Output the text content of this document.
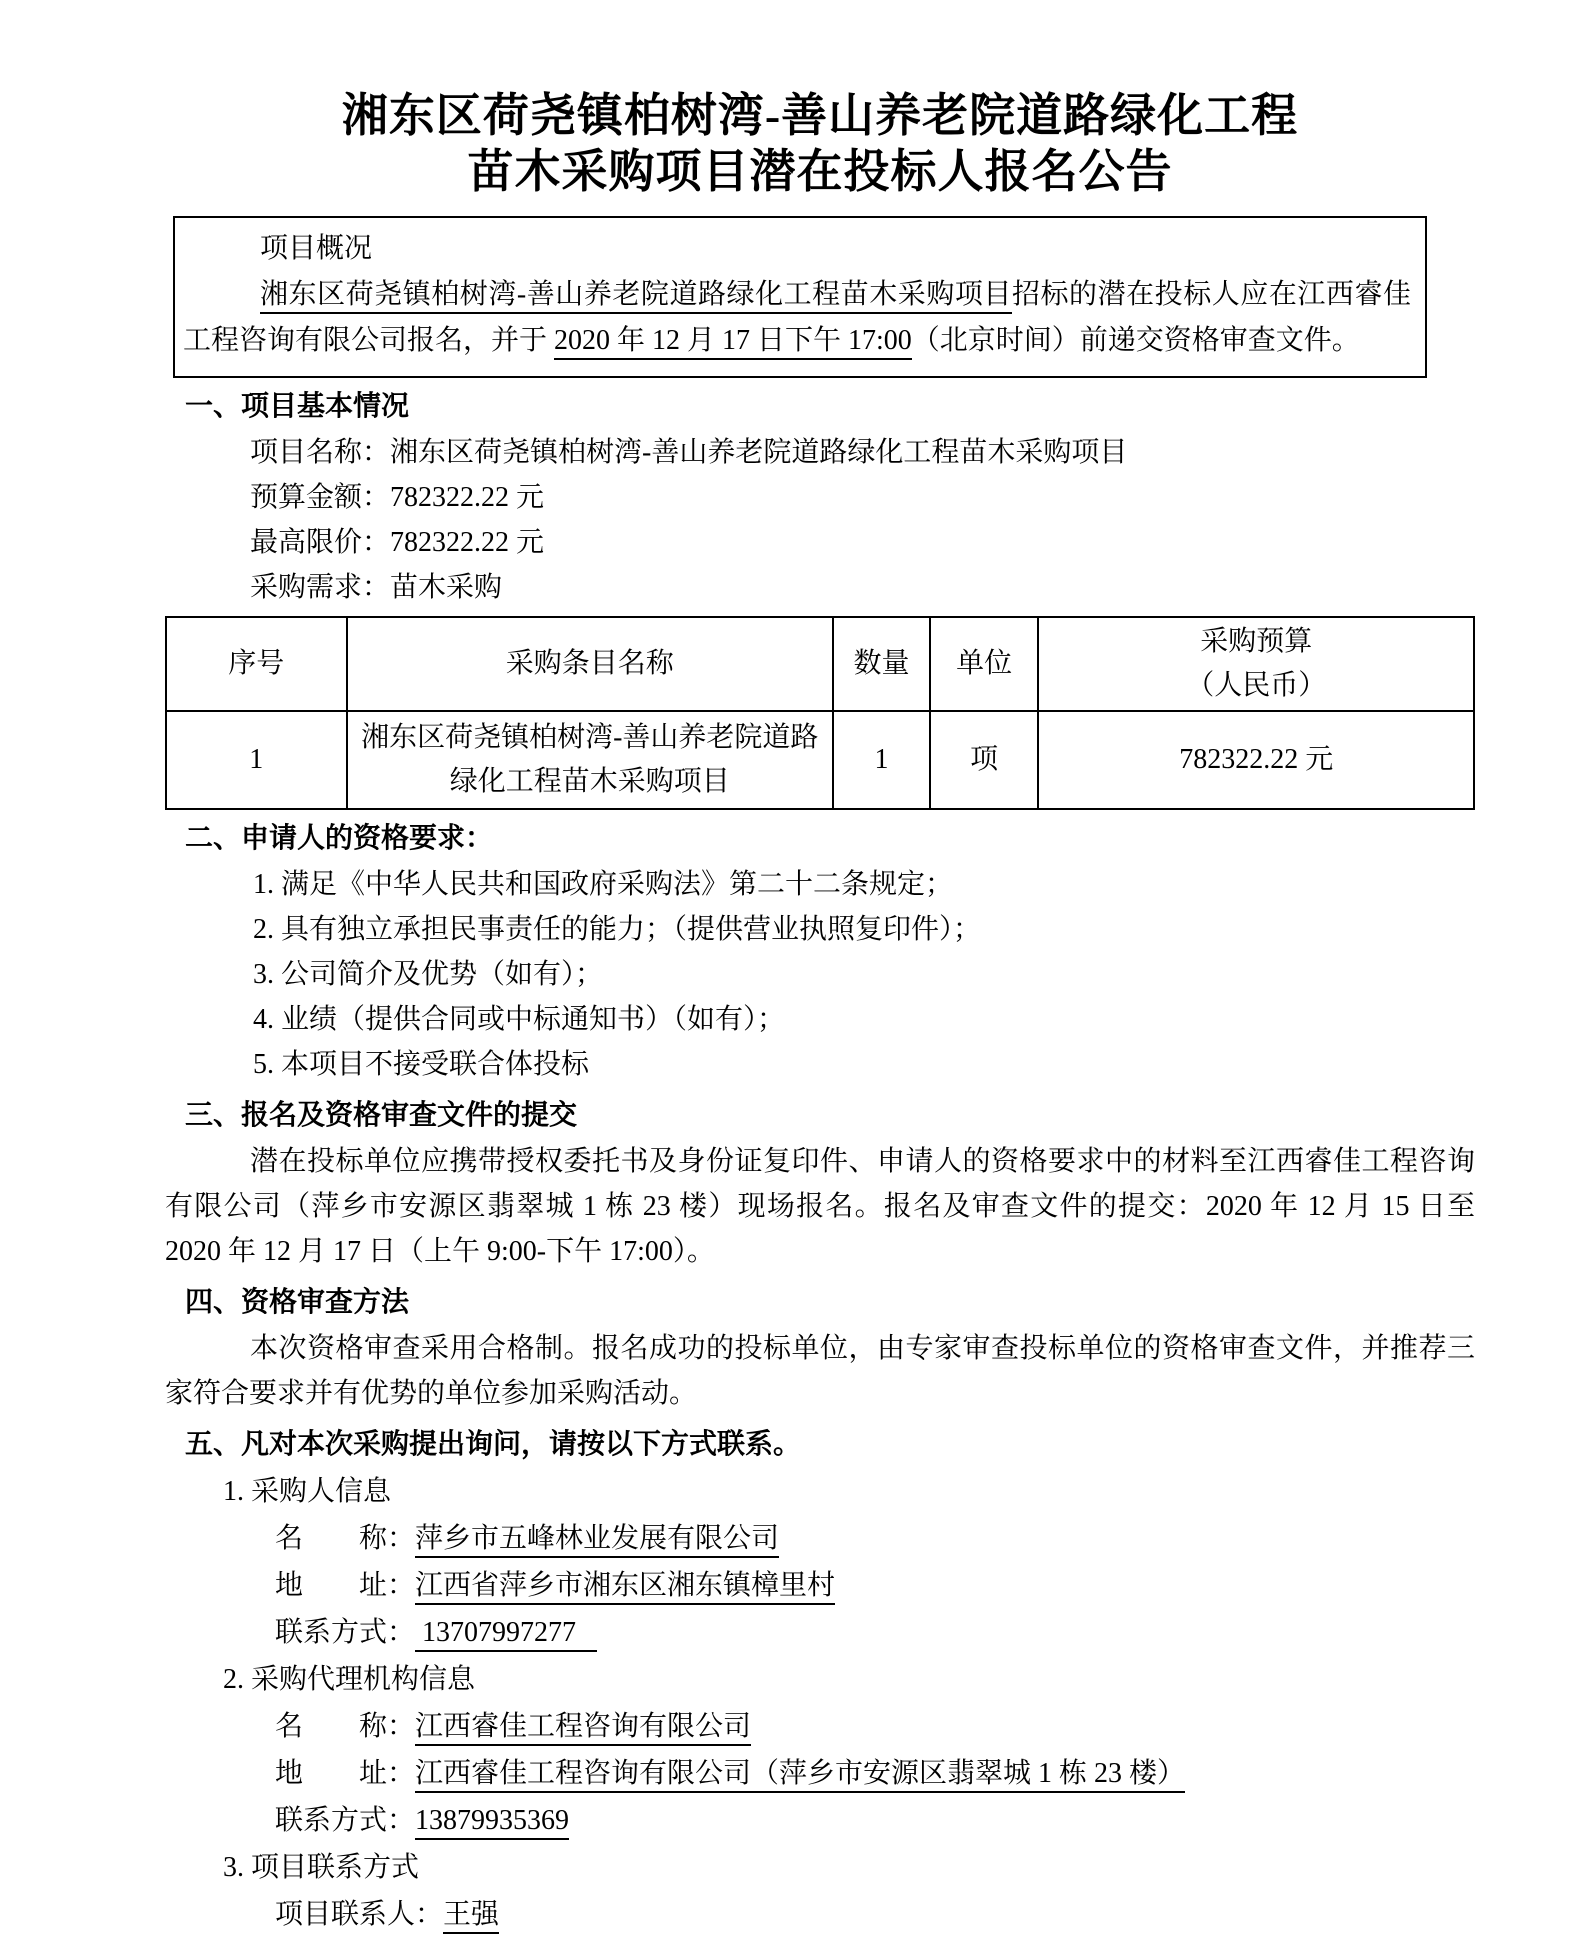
湘东区荷尧镇柏树湾-善山养老院道路绿化工程
苗木采购项目潜在投标人报名公告
项目概况
湘东区荷尧镇柏树湾-善山养老院道路绿化工程苗木采购项目招标的潜在投标人应在江西睿佳工程咨询有限公司报名，并于 2020 年 12 月 17 日下午 17:00（北京时间）前递交资格审查文件。
一、项目基本情况
项目名称：湘东区荷尧镇柏树湾-善山养老院道路绿化工程苗木采购项目
预算金额：782322.22 元
最高限价：782322.22 元
采购需求：苗木采购
序号	采购条目名称	数量	单位	采购预算
（人民币）

1	湘东区荷尧镇柏树湾-善山养老院道路绿化工程苗木采购项目	1	项	782322.22 元
二、申请人的资格要求：
1. 满足《中华人民共和国政府采购法》第二十二条规定；
2. 具有独立承担民事责任的能力；（提供营业执照复印件）；
3. 公司简介及优势（如有）；
4. 业绩（提供合同或中标通知书）（如有）；
5. 本项目不接受联合体投标
三、报名及资格审查文件的提交
潜在投标单位应携带授权委托书及身份证复印件、申请人的资格要求中的材料至江西睿佳工程咨询有限公司（萍乡市安源区翡翠城 1 栋 23 楼）现场报名。报名及审查文件的提交：2020 年 12 月 15 日至 2020 年 12 月 17 日（上午 9:00-下午 17:00）。
四、资格审查方法
本次资格审查采用合格制。报名成功的投标单位，由专家审查投标单位的资格审查文件，并推荐三家符合要求并有优势的单位参加采购活动。
五、凡对本次采购提出询问，请按以下方式联系。
1. 采购人信息
名        称：萍乡市五峰林业发展有限公司
地        址：江西省萍乡市湘东区湘东镇樟里村
联系方式： 13707997277
2. 采购代理机构信息
名        称：江西睿佳工程咨询有限公司
地        址：江西睿佳工程咨询有限公司（萍乡市安源区翡翠城 1 栋 23 楼）
联系方式：13879935369
3. 项目联系方式
项目联系人：王强
